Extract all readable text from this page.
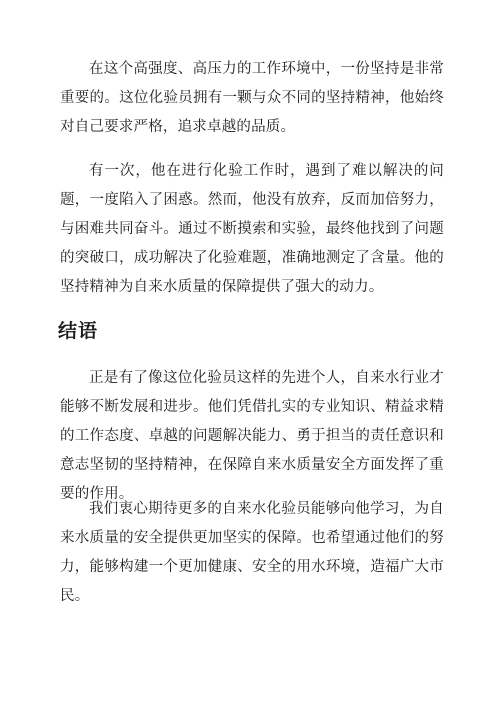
在这个高强度、高压力的工作环境中，一份坚持是非常重要的。这位化验员拥有一颗与众不同的坚持精神，他始终对自己要求严格，追求卓越的品质。

有一次，他在进行化验工作时，遇到了难以解决的问题，一度陷入了困惑。然而，他没有放弃，反而加倍努力，与困难共同奋斗。通过不断摸索和实验，最终他找到了问题的突破口，成功解决了化验难题，准确地测定了含量。他的坚持精神为自来水质量的保障提供了强大的动力。

结语

正是有了像这位化验员这样的先进个人，自来水行业才能够不断发展和进步。他们凭借扎实的专业知识、精益求精的工作态度、卓越的问题解决能力、勇于担当的责任意识和意志坚韧的坚持精神，在保障自来水质量安全方面发挥了重要的作用。

我们衷心期待更多的自来水化验员能够向他学习，为自来水质量的安全提供更加坚实的保障。也希望通过他们的努力，能够构建一个更加健康、安全的用水环境，造福广大市民。
